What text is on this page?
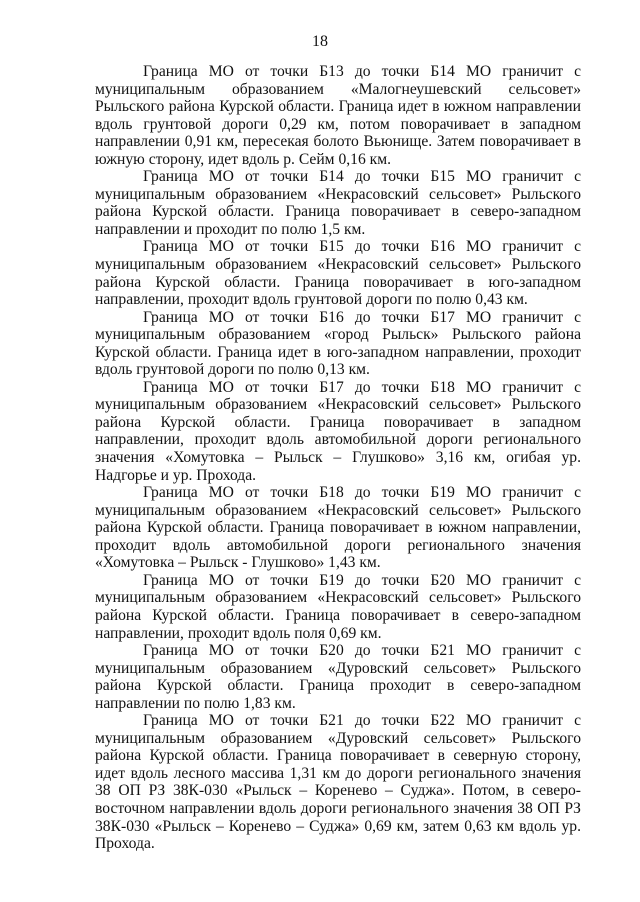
18

Граница МО от точки Б13 до точки Б14 МО граничит с муниципальным образованием «Малогнеушевский сельсовет» Рыльского района Курской области. Граница идет в южном направлении вдоль грунтовой дороги 0,29 км, потом поворачивает в западном направлении 0,91 км, пересекая болото Вьюнище. Затем поворачивает в южную сторону, идет вдоль р. Сейм 0,16 км.

Граница МО от точки Б14 до точки Б15 МО граничит с муниципальным образованием «Некрасовский сельсовет» Рыльского района Курской области. Граница поворачивает в северо-западном направлении и проходит по полю 1,5 км.

Граница МО от точки Б15 до точки Б16 МО граничит с муниципальным образованием «Некрасовский сельсовет» Рыльского района Курской области. Граница поворачивает в юго-западном направлении, проходит вдоль грунтовой дороги по полю 0,43 км.

Граница МО от точки Б16 до точки Б17 МО граничит с муниципальным образованием «город Рыльск» Рыльского района Курской области. Граница идет в юго-западном направлении, проходит вдоль грунтовой дороги по полю 0,13 км.

Граница МО от точки Б17 до точки Б18 МО граничит с муниципальным образованием «Некрасовский сельсовет» Рыльского района Курской области. Граница поворачивает в западном направлении, проходит вдоль автомобильной дороги регионального значения «Хомутовка – Рыльск – Глушково» 3,16 км, огибая ур. Надгорье и ур. Прохода.

Граница МО от точки Б18 до точки Б19 МО граничит с муниципальным образованием «Некрасовский сельсовет» Рыльского района Курской области. Граница поворачивает в южном направлении, проходит вдоль автомобильной дороги регионального значения «Хомутовка – Рыльск - Глушково» 1,43 км.

Граница МО от точки Б19 до точки Б20 МО граничит с муниципальным образованием «Некрасовский сельсовет» Рыльского района Курской области. Граница поворачивает в северо-западном направлении, проходит вдоль поля 0,69 км.

Граница МО от точки Б20 до точки Б21 МО граничит с муниципальным образованием «Дуровский сельсовет» Рыльского района Курской области. Граница проходит в северо-западном направлении по полю 1,83 км.

Граница МО от точки Б21 до точки Б22 МО граничит с муниципальным образованием «Дуровский сельсовет» Рыльского района Курской области. Граница поворачивает в северную сторону, идет вдоль лесного массива 1,31 км до дороги регионального значения 38 ОП РЗ 38К-030 «Рыльск – Коренево – Суджа». Потом, в северо-восточном направлении вдоль дороги регионального значения 38 ОП РЗ 38К-030 «Рыльск – Коренево – Суджа» 0,69 км, затем 0,63 км вдоль ур. Прохода.
